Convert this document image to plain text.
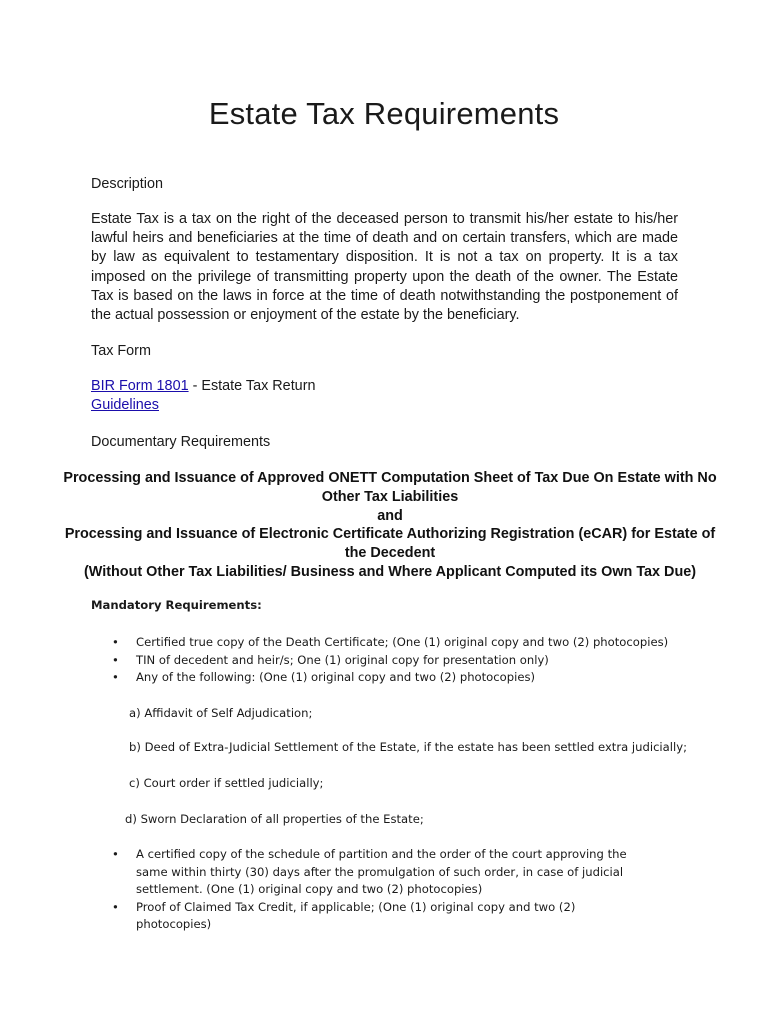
Estate Tax Requirements
Description
Estate Tax is a tax on the right of the deceased person to transmit his/her estate to his/her lawful heirs and beneficiaries at the time of death and on certain transfers, which are made by law as equivalent to testamentary disposition. It is not a tax on property. It is a tax imposed on the privilege of transmitting property upon the death of the owner. The Estate Tax is based on the laws in force at the time of death notwithstanding the postponement of the actual possession or enjoyment of the estate by the beneficiary.
Tax Form
BIR Form 1801 - Estate Tax Return
Guidelines
Documentary Requirements
Processing and Issuance of Approved ONETT Computation Sheet of Tax Due On Estate with No
Other Tax Liabilities
and
Processing and Issuance of Electronic Certificate Authorizing Registration (eCAR) for Estate of
the Decedent
(Without Other Tax Liabilities/ Business and Where Applicant Computed its Own Tax Due)
Mandatory Requirements:
• Certified true copy of the Death Certificate; (One (1) original copy and two (2) photocopies)
• TIN of decedent and heir/s; One (1) original copy for presentation only)
• Any of the following: (One (1) original copy and two (2) photocopies)
a) Affidavit of Self Adjudication;
b) Deed of Extra-Judicial Settlement of the Estate, if the estate has been settled extra judicially;
c) Court order if settled judicially;
d) Sworn Declaration of all properties of the Estate;
• A certified copy of the schedule of partition and the order of the court approving the same within thirty (30) days after the promulgation of such order, in case of judicial settlement. (One (1) original copy and two (2) photocopies)
• Proof of Claimed Tax Credit, if applicable; (One (1) original copy and two (2) photocopies)
